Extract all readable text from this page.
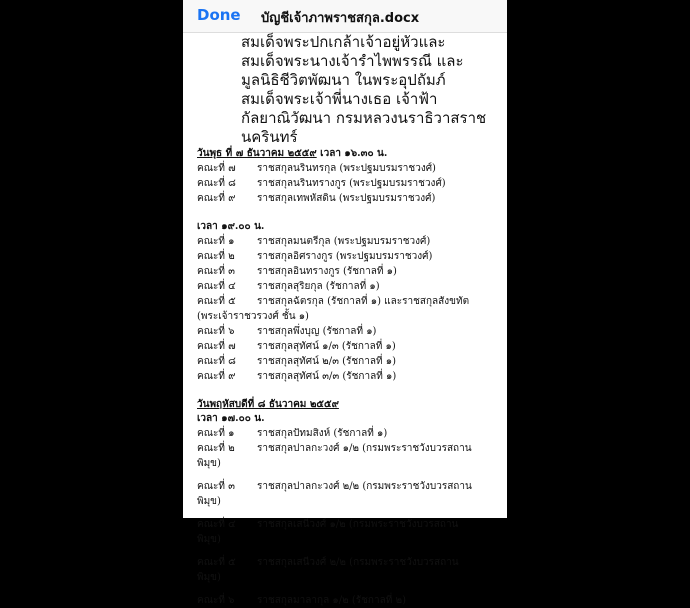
Done บัญชีเจ้าภาพราชสกุล.docx
สมเด็จพระปกเกล้าเจ้าอยู่หัวและ
สมเด็จพระนางเจ้ารำไพพรรณี และ
มูลนิธิชีวิตพัฒนา ในพระอุปถัมภ์
สมเด็จพระเจ้าพี่นางเธอ เจ้าฟ้า
กัลยาณิวัฒนา กรมหลวงนราธิวาสราช
นครินทร์
วันพุธ ที่ ๗ ธันวาคม ๒๕๕๙ เวลา ๑๖.๓๐ น.
คณะที่ ๗	ราชสกุลนรินทรกุล (พระปฐมบรมราชวงศ์)
คณะที่ ๘	ราชสกุลนรินทรางกูร (พระปฐมบรมราชวงศ์)
คณะที่ ๙	ราชสกุลเทพหัสดิน (พระปฐมบรมราชวงศ์)
เวลา ๑๙.๐๐ น.
คณะที่ ๑	ราชสกุลมนตรีกุล (พระปฐมบรมราชวงศ์)
คณะที่ ๒	ราชสกุลอิศรางกูร (พระปฐมบรมราชวงศ์)
คณะที่ ๓	ราชสกุลอินทรางกูร (รัชกาลที่ ๑)
คณะที่ ๔	ราชสกุลสุริยกุล (รัชกาลที่ ๑)
คณะที่ ๕	ราชสกุลฉัตรกุล (รัชกาลที่ ๑) และราชสกุลสังขทัต
(พระเจ้าราชวรวงศ์ ชั้น ๑)
คณะที่ ๖	ราชสกุลพึ่งบุญ (รัชกาลที่ ๑)
คณะที่ ๗	ราชสกุลสุทัศน์ ๑/๓ (รัชกาลที่ ๑)
คณะที่ ๘	ราชสกุลสุทัศน์ ๒/๓ (รัชกาลที่ ๑)
คณะที่ ๙	ราชสกุลสุทัศน์ ๓/๓ (รัชกาลที่ ๑)
วันพฤหัสบดีที่ ๘ ธันวาคม ๒๕๕๙
เวลา ๑๗.๐๐ น.
คณะที่ ๑	ราชสกุลปัทมสิงห์ (รัชกาลที่ ๑)
คณะที่ ๒	ราชสกุลปาลกะวงศ์ ๑/๒ (กรมพระราชวังบวรสถาน
พิมุข)
คณะที่ ๓	ราชสกุลปาลกะวงศ์ ๒/๒ (กรมพระราชวังบวรสถาน
พิมุข)
คณะที่ ๔	ราชสกุลเสนีวงศ์ ๑/๒ (กรมพระราชวังบวรสถาน
พิมุข)
คณะที่ ๕	ราชสกุลเสนีวงศ์ ๒/๒ (กรมพระราชวังบวรสถาน
พิมุข)
คณะที่ ๖	ราชสกุลมาลากุล ๑/๒ (รัชกาลที่ ๒)
